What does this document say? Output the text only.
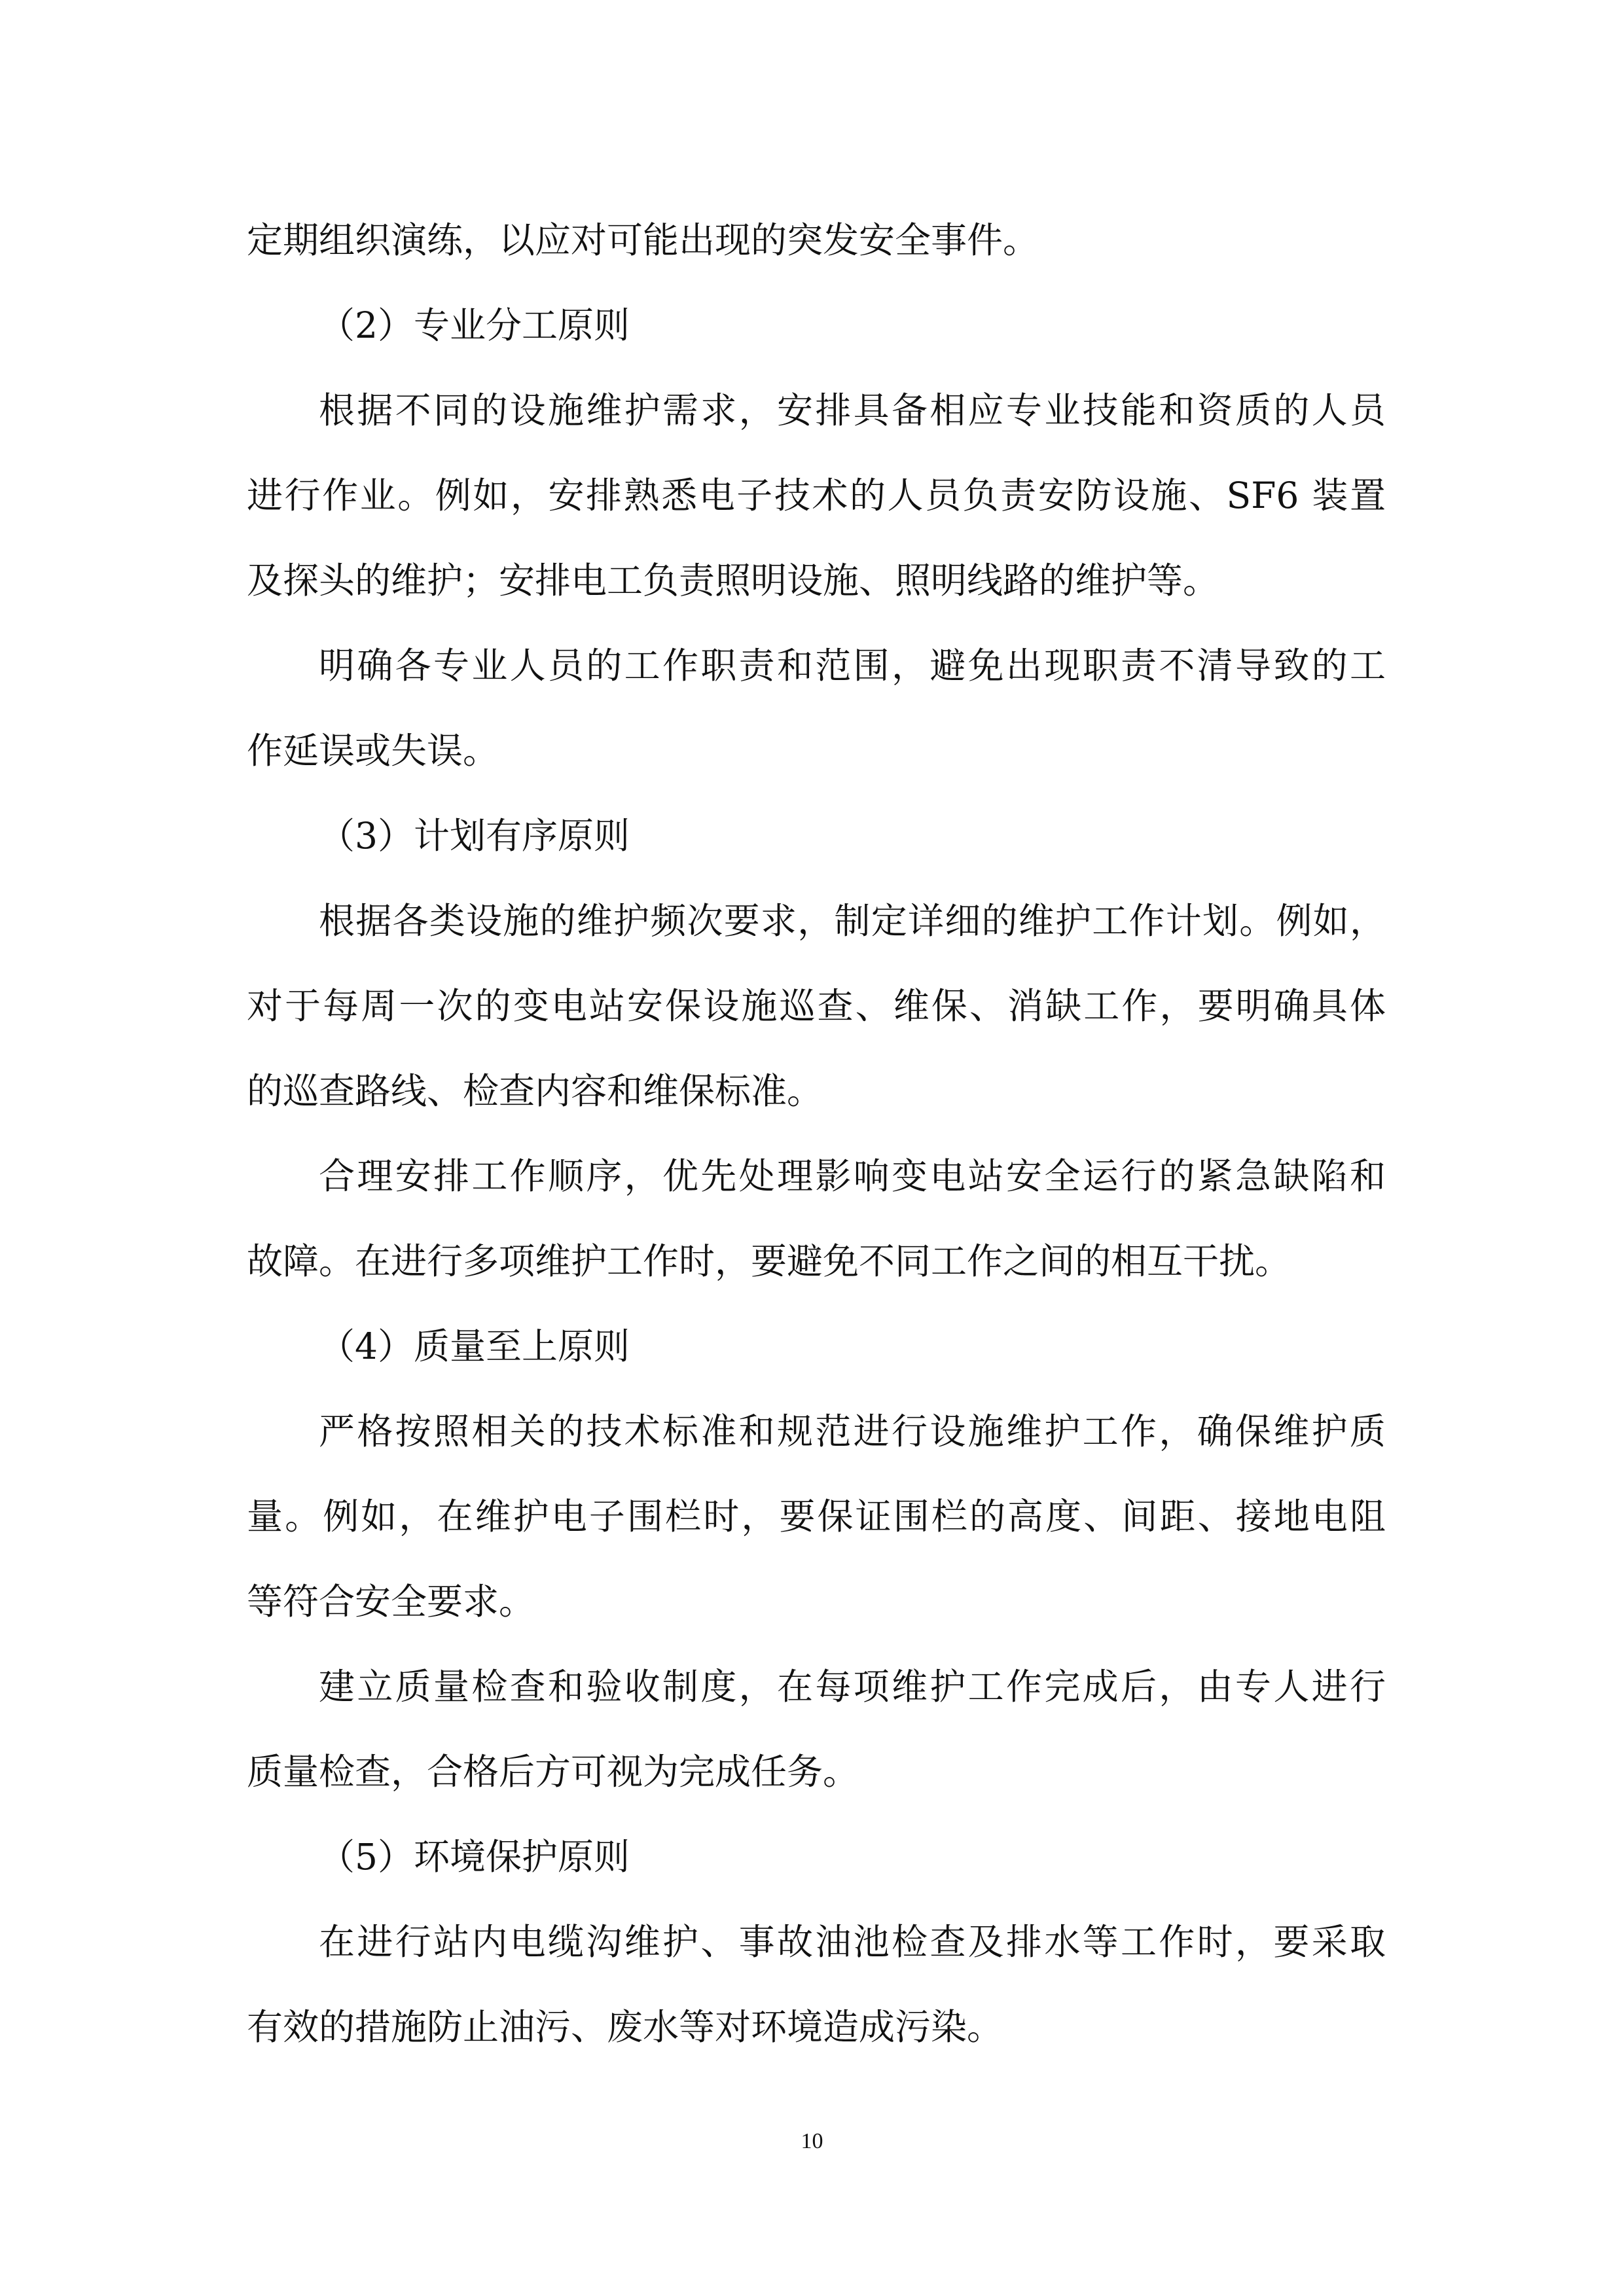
定期组织演练，以应对可能出现的突发安全事件。

（2）专业分工原则

根据不同的设施维护需求，安排具备相应专业技能和资质的人员

进行作业。例如，安排熟悉电子技术的人员负责安防设施、SF6 装置

及探头的维护；安排电工负责照明设施、照明线路的维护等。

明确各专业人员的工作职责和范围，避免出现职责不清导致的工

作延误或失误。

（3）计划有序原则

根据各类设施的维护频次要求，制定详细的维护工作计划。例如，

对于每周一次的变电站安保设施巡查、维保、消缺工作，要明确具体

的巡查路线、检查内容和维保标准。

合理安排工作顺序，优先处理影响变电站安全运行的紧急缺陷和

故障。在进行多项维护工作时，要避免不同工作之间的相互干扰。

（4）质量至上原则

严格按照相关的技术标准和规范进行设施维护工作，确保维护质

量。例如，在维护电子围栏时，要保证围栏的高度、间距、接地电阻

等符合安全要求。

建立质量检查和验收制度，在每项维护工作完成后，由专人进行

质量检查，合格后方可视为完成任务。

（5）环境保护原则

在进行站内电缆沟维护、事故油池检查及排水等工作时，要采取

有效的措施防止油污、废水等对环境造成污染。

10
